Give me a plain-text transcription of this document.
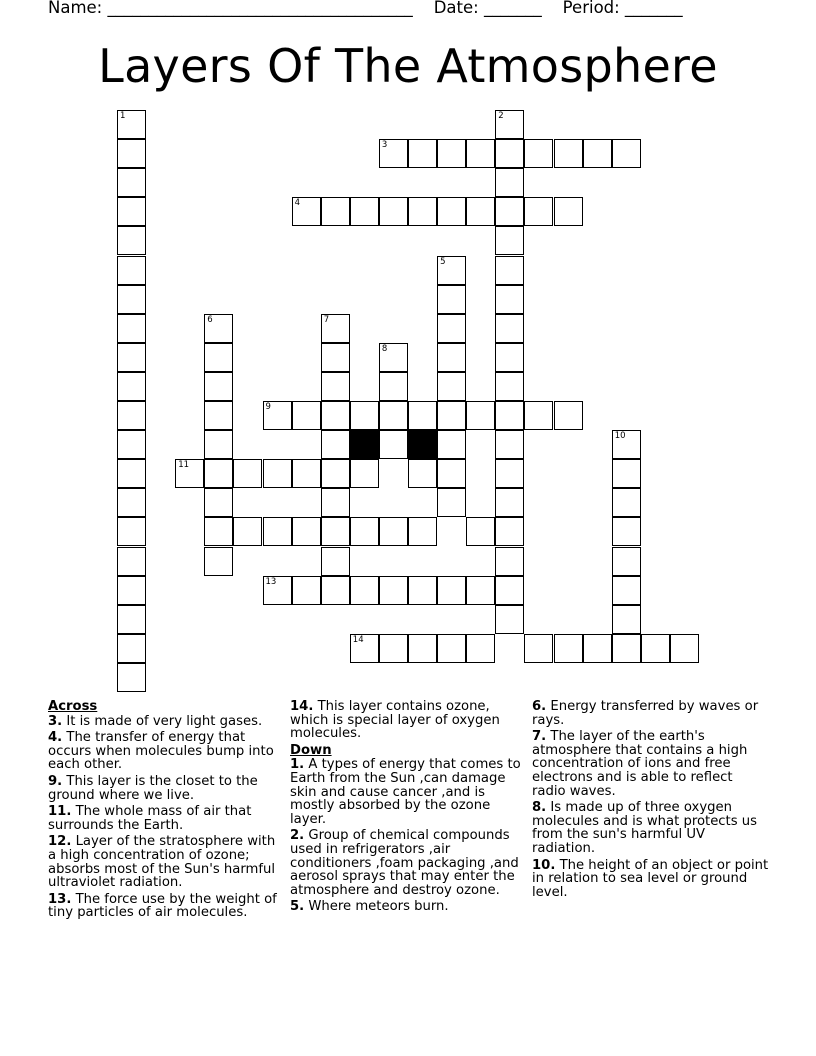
Name: _____________________________________    Date: _______    Period: _______
Layers Of The Atmosphere
1	2
3
4
5
6	7
8
9
10
11
13
14
Across
3. It is made of very light gases.
4. The transfer of energy that occurs when molecules bump into each other.
9. This layer is the closet to the ground where we live.
11. The whole mass of air that surrounds the Earth.
12. Layer of the stratosphere with a high concentration of ozone; absorbs most of the Sun's harmful ultraviolet radiation.
13. The force use by the weight of tiny particles of air molecules.
14. This layer contains ozone, which is special layer of oxygen molecules.
Down
1. A types of energy that comes to Earth from the Sun ,can damage skin and cause cancer ,and is mostly absorbed by the ozone layer.
2. Group of chemical compounds used in refrigerators ,air conditioners ,foam packaging ,and aerosol sprays that may enter the atmosphere and destroy ozone.
5. Where meteors burn.
6. Energy transferred by waves or rays.
7. The layer of the earth's atmosphere that contains a high concentration of ions and free electrons and is able to reflect radio waves.
8. Is made up of three oxygen molecules and is what protects us from the sun's harmful UV radiation.
10. The height of an object or point in relation to sea level or ground level.
